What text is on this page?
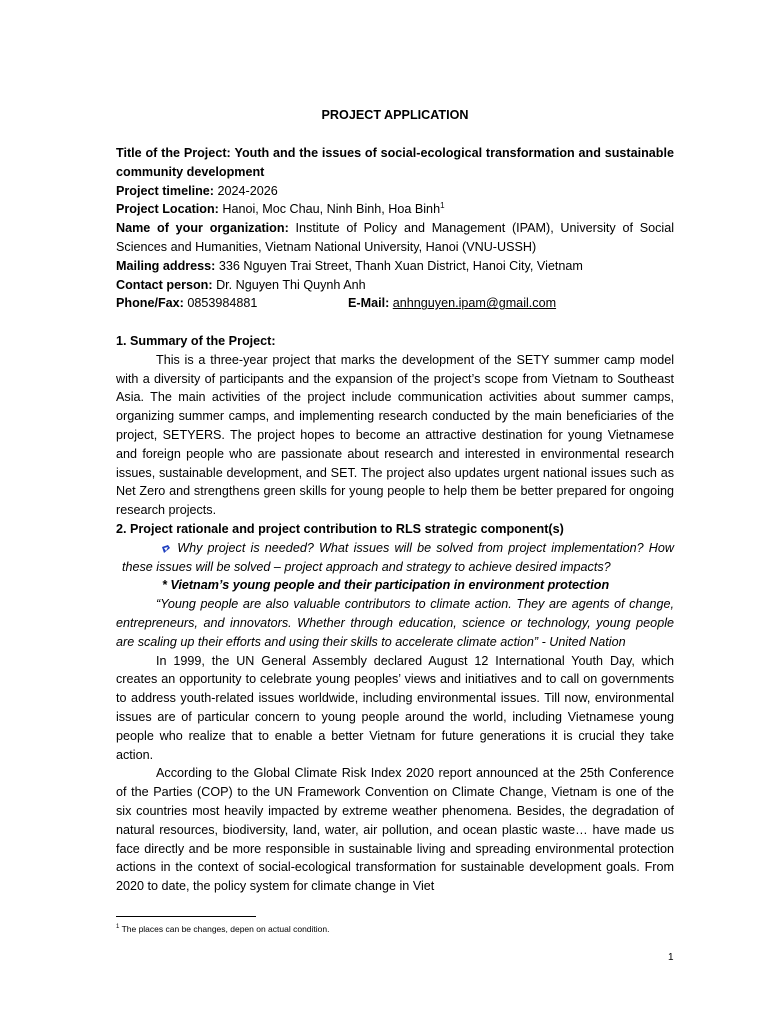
PROJECT APPLICATION

Title of the Project: Youth and the issues of social-ecological transformation and sustainable community development

Project timeline: 2024-2026

Project Location: Hanoi, Moc Chau, Ninh Binh, Hoa Binh$^1$

Name of your organization: Institute of Policy and Management (IPAM), University of Social Sciences and Humanities, Vietnam National University, Hanoi (VNU-USSH)

Mailing address: 336 Nguyen Trai Street, Thanh Xuan District, Hanoi City, Vietnam

Contact person: Dr. Nguyen Thi Quynh Anh

Phone/Fax: 0853984881	E-Mail: anhnguyen.ipam@gmail.com

1. Summary of the Project:

This is a three-year project that marks the development of the SETY summer camp model with a diversity of participants and the expansion of the project’s scope from Vietnam to Southeast Asia. The main activities of the project include communication activities about summer camps, organizing summer camps, and implementing research conducted by the main beneficiaries of the project, SETYERS. The project hopes to become an attractive destination for young Vietnamese and foreign people who are passionate about research and interested in environmental research issues, sustainable development, and SET. The project also updates urgent national issues such as Net Zero and strengthens green skills for young people to help them be better prepared for ongoing research projects.

2. Project rationale and project contribution to RLS strategic component(s)

Why project is needed? What issues will be solved from project implementation? How these issues will be solved – project approach and strategy to achieve desired impacts?

* Vietnam’s young people and their participation in environment protection

“Young people are also valuable contributors to climate action. They are agents of change, entrepreneurs, and innovators. Whether through education, science or technology, young people are scaling up their efforts and using their skills to accelerate climate action” - United Nation

In 1999, the UN General Assembly declared August 12 International Youth Day, which creates an opportunity to celebrate young peoples’ views and initiatives and to call on governments to address youth-related issues worldwide, including environmental issues. Till now, environmental issues are of particular concern to young people around the world, including Vietnamese young people who realize that to enable a better Vietnam for future generations it is crucial they take action.

According to the Global Climate Risk Index 2020 report announced at the 25th Conference of the Parties (COP) to the UN Framework Convention on Climate Change, Vietnam is one of the six countries most heavily impacted by extreme weather phenomena. Besides, the degradation of natural resources, biodiversity, land, water, air pollution, and ocean plastic waste… have made us face directly and be more responsible in sustainable living and spreading environmental protection actions in the context of social-ecological transformation for sustainable development goals. From 2020 to date, the policy system for climate change in Viet

$^1$ The places can be changes, depen on actual condition.
1
